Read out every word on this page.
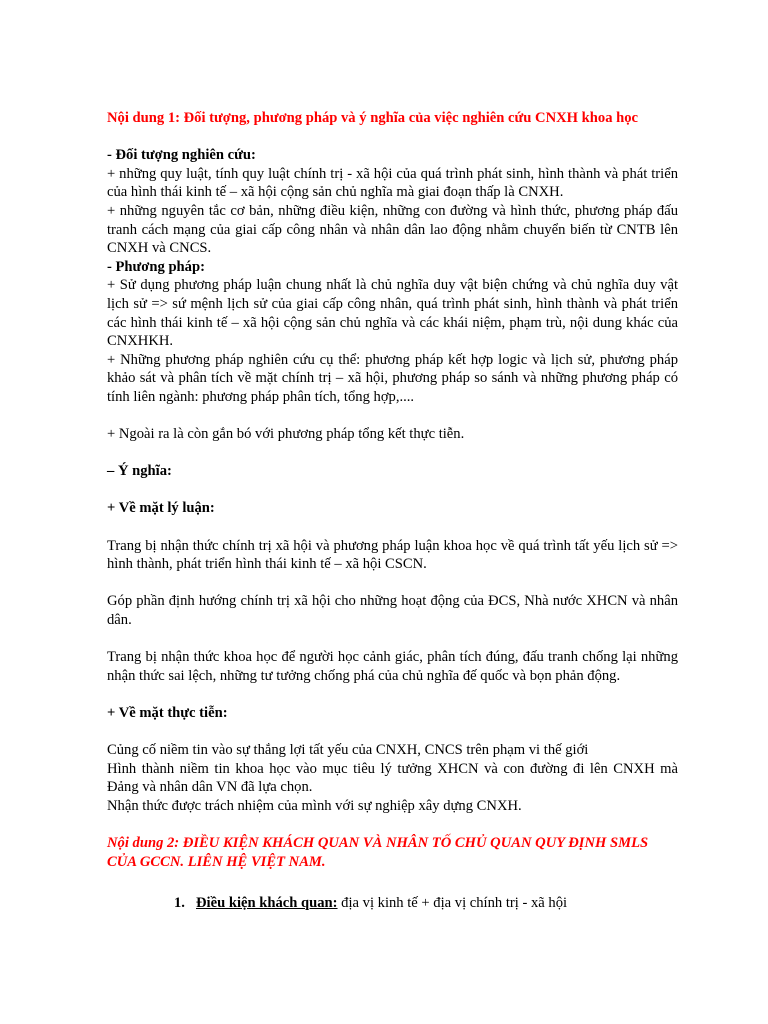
Nội dung 1: Đối tượng, phương pháp và ý nghĩa của việc nghiên cứu CNXH khoa học

- Đối tượng nghiên cứu:

+ những quy luật, tính quy luật chính trị - xã hội của quá trình phát sinh, hình thành và phát triển của hình thái kinh tế – xã hội cộng sản chủ nghĩa mà giai đoạn thấp là CNXH.

+ những nguyên tắc cơ bản, những điều kiện, những con đường và hình thức, phương pháp đấu tranh cách mạng của giai cấp công nhân và nhân dân lao động nhằm chuyển biến từ CNTB lên CNXH và CNCS.

- Phương pháp:

+ Sử dụng phương pháp luận chung nhất là chủ nghĩa duy vật biện chứng và chủ nghĩa duy vật lịch sử => sứ mệnh lịch sử của giai cấp công nhân, quá trình phát sinh, hình thành và phát triển các hình thái kinh tế – xã hội cộng sản chủ nghĩa và các khái niệm, phạm trù, nội dung khác của CNXHKH.

+ Những phương pháp nghiên cứu cụ thể: phương pháp kết hợp logic và lịch sử, phương pháp khảo sát và phân tích về mặt chính trị – xã hội, phương pháp so sánh và những phương pháp có tính liên ngành: phương pháp phân tích, tổng hợp,....

+ Ngoài ra là còn gắn bó với phương pháp tổng kết thực tiễn.

– Ý nghĩa:

+ Về mặt lý luận:

Trang bị nhận thức chính trị xã hội và phương pháp luận khoa học về quá trình tất yếu lịch sử => hình thành, phát triển hình thái kinh tế – xã hội CSCN.

Góp phần định hướng chính trị xã hội cho những hoạt động của ĐCS, Nhà nước XHCN và nhân dân.

Trang bị nhận thức khoa học để người học cảnh giác, phân tích đúng, đấu tranh chống lại những nhận thức sai lệch, những tư tưởng chống phá của chủ nghĩa đế quốc và bọn phản động.

+ Về mặt thực tiễn:

Củng cố niềm tin vào sự thắng lợi tất yếu của CNXH, CNCS trên phạm vi thế giới

Hình thành niềm tin khoa học vào mục tiêu lý tưởng XHCN và con đường đi lên CNXH mà Đảng và nhân dân VN đã lựa chọn.

Nhận thức được trách nhiệm của mình với sự nghiệp xây dựng CNXH.

Nội dung 2: ĐIỀU KIỆN KHÁCH QUAN VÀ NHÂN TỐ CHỦ QUAN QUY ĐỊNH SMLS CỦA GCCN. LIÊN HỆ VIỆT NAM.

1. Điều kiện khách quan: địa vị kinh tế + địa vị chính trị - xã hội
